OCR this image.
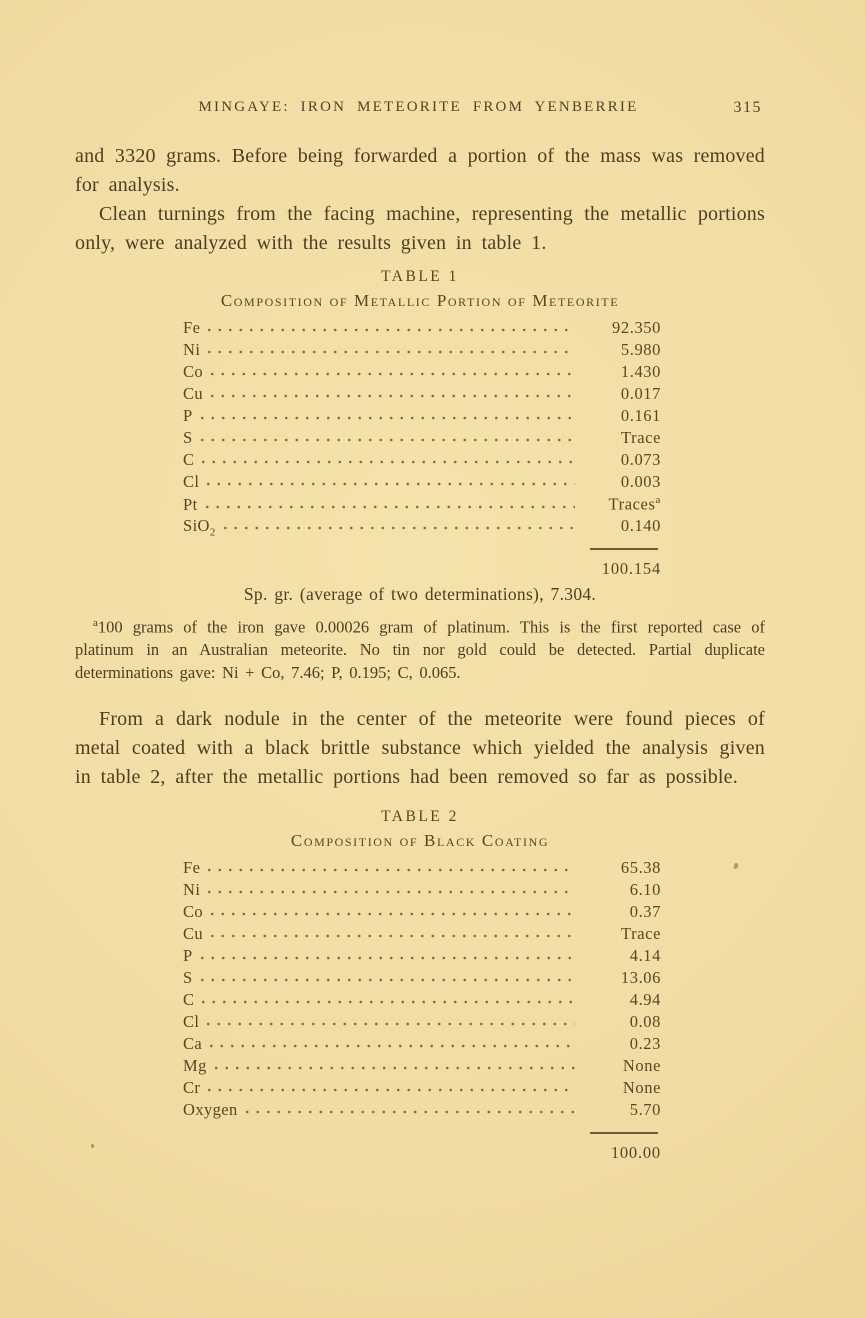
MINGAYE: IRON METEORITE FROM YENBERRIE	315

and 3320 grams. Before being forwarded a portion of the mass was removed for analysis.

Clean turnings from the facing machine, representing the metallic portions only, were analyzed with the results given in table 1.

TABLE 1
Composition of Metallic Portion of Meteorite
Fe	92.350
Ni	5.980
Co	1.430
Cu	0.017
P	0.161
S	Trace
C	0.073
Cl	0.003
Pt	Traces$^a$
SiO$_2$	0.140
100.154
Sp. gr. (average of two determinations), 7.304.

$^a$100 grams of the iron gave 0.00026 gram of platinum. This is the first reported case of platinum in an Australian meteorite. No tin nor gold could be detected. Partial duplicate determinations gave: Ni + Co, 7.46; P, 0.195; C, 0.065.

From a dark nodule in the center of the meteorite were found pieces of metal coated with a black brittle substance which yielded the analysis given in table 2, after the metallic portions had been removed so far as possible.

TABLE 2
Composition of Black Coating
Fe	65.38
Ni	6.10
Co	0.37
Cu	Trace
P	4.14
S	13.06
C	4.94
Cl	0.08
Ca	0.23
Mg	None
Cr	None
Oxygen	5.70
100.00
